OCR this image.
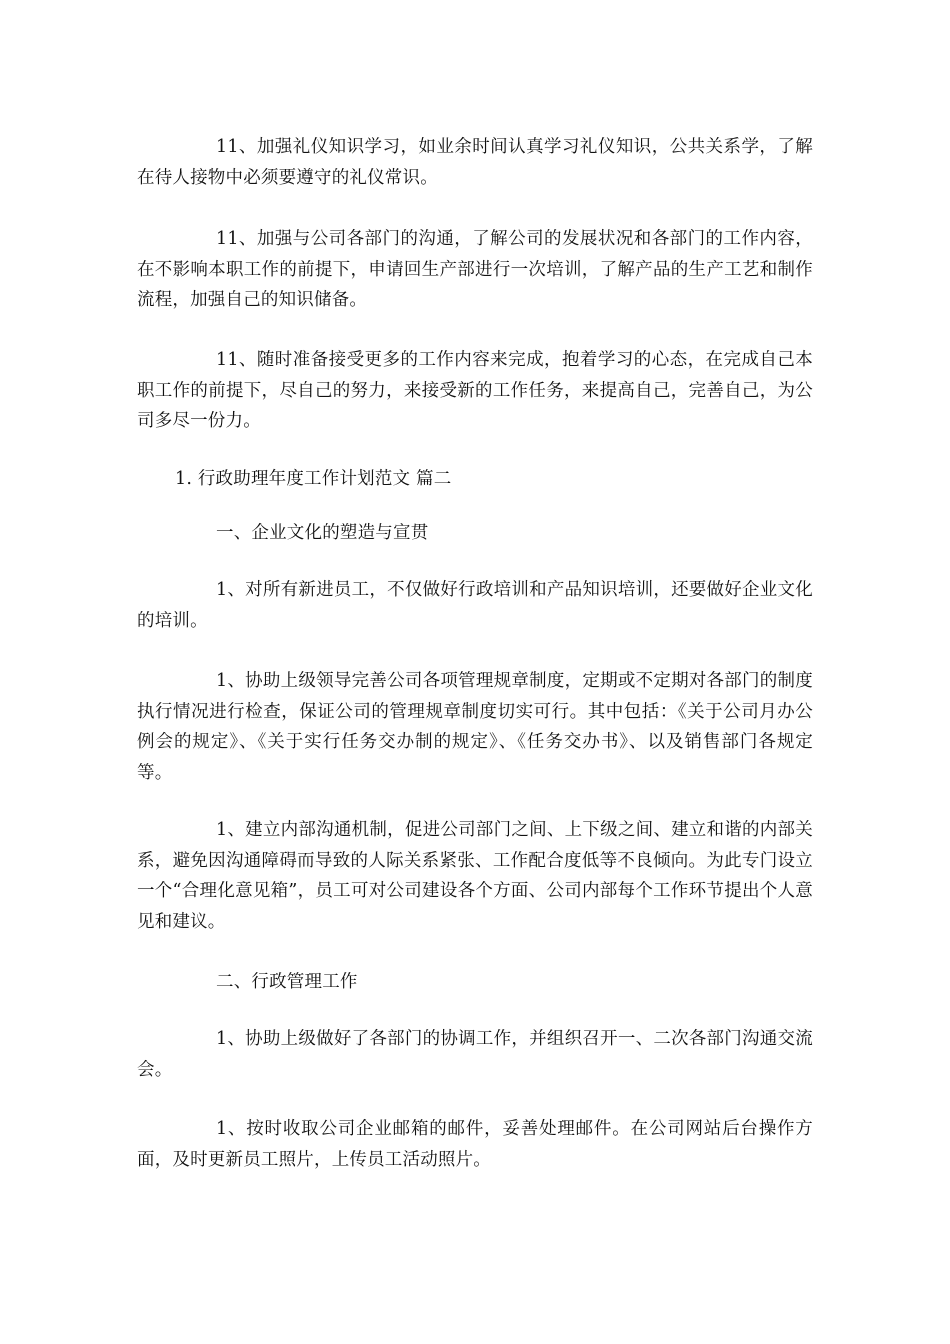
11、加强礼仪知识学习，如业余时间认真学习礼仪知识，公共关系学，了解在待人接物中必须要遵守的礼仪常识。

11、加强与公司各部门的沟通，了解公司的发展状况和各部门的工作内容，在不影响本职工作的前提下，申请回生产部进行一次培训，了解产品的生产工艺和制作流程，加强自己的知识储备。

11、随时准备接受更多的工作内容来完成，抱着学习的心态，在完成自己本职工作的前提下，尽自己的努力，来接受新的工作任务，来提高自己，完善自己，为公司多尽一份力。

1. 行政助理年度工作计划范文 篇二

一、企业文化的塑造与宣贯

1、对所有新进员工，不仅做好行政培训和产品知识培训，还要做好企业文化的培训。

1、协助上级领导完善公司各项管理规章制度，定期或不定期对各部门的制度执行情况进行检查，保证公司的管理规章制度切实可行。其中包括：《关于公司月办公例会的规定》、《关于实行任务交办制的规定》、《任务交办书》、以及销售部门各规定等。

1、建立内部沟通机制，促进公司部门之间、上下级之间、建立和谐的内部关系，避免因沟通障碍而导致的人际关系紧张、工作配合度低等不良倾向。为此专门设立一个“合理化意见箱”，员工可对公司建设各个方面、公司内部每个工作环节提出个人意见和建议。

二、行政管理工作

1、协助上级做好了各部门的协调工作，并组织召开一、二次各部门沟通交流会。

1、按时收取公司企业邮箱的邮件，妥善处理邮件。在公司网站后台操作方面，及时更新员工照片，上传员工活动照片。
